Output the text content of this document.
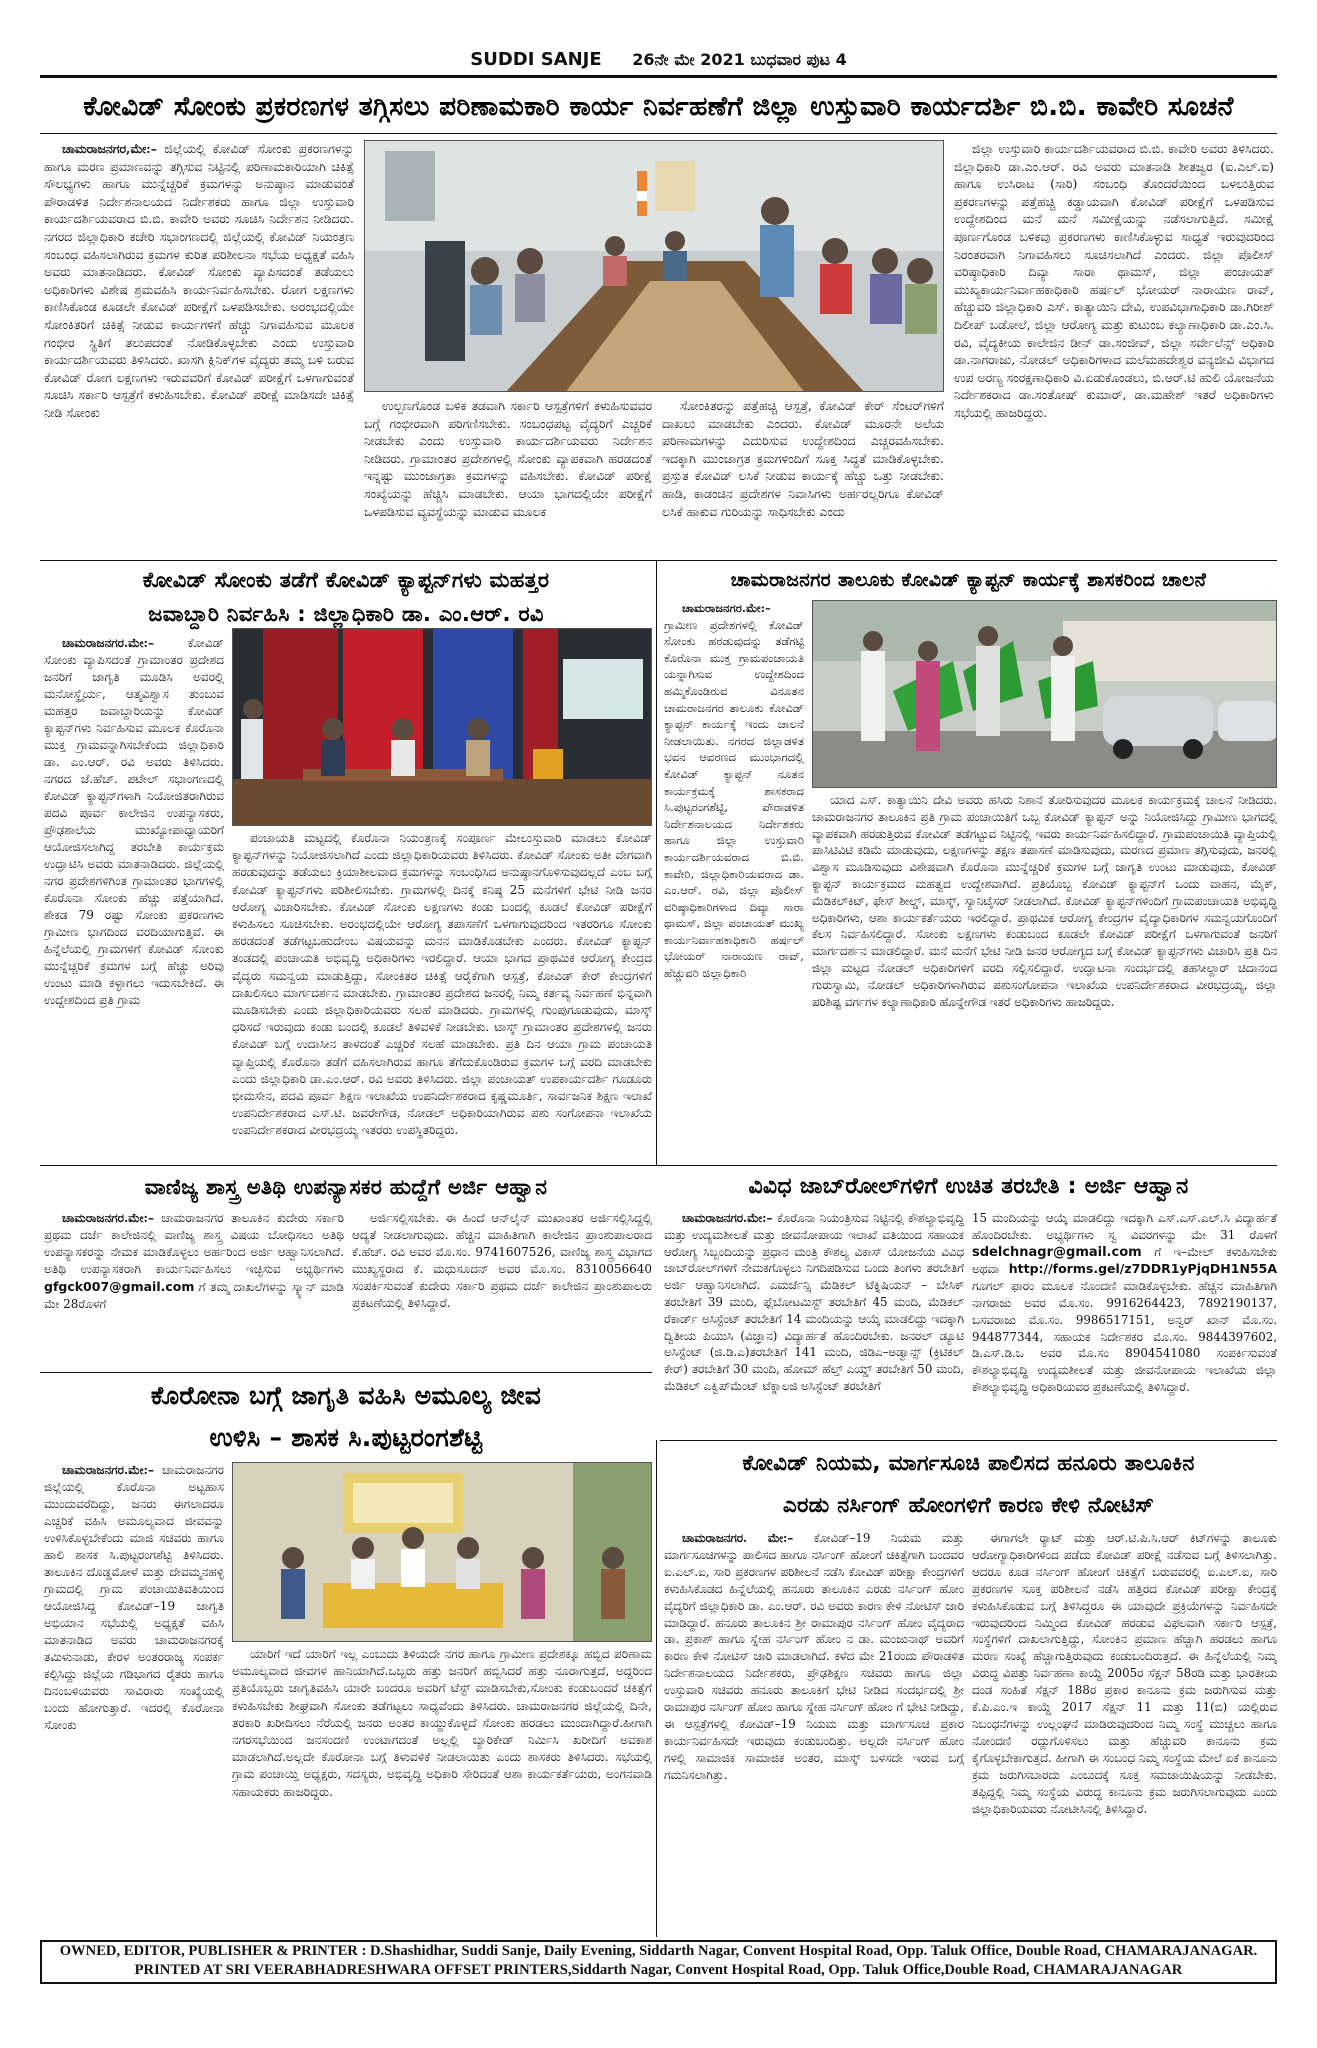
SUDDI SANJE 26ನೇ ಮೇ 2021 ಬುಧವಾರ ಪುಟ 4
ಕೋವಿಡ್ ಸೋಂಕು ಪ್ರಕರಣಗಳ ತಗ್ಗಿಸಲು ಪರಿಣಾಮಕಾರಿ ಕಾರ್ಯ ನಿರ್ವಹಣೆಗೆ ಜಿಲ್ಲಾ ಉಸ್ತುವಾರಿ ಕಾರ್ಯದರ್ಶಿ ಬಿ.ಬಿ. ಕಾವೇರಿ ಸೂಚನೆ

ಚಾಮರಾಜನಗರ,ಮೇ:– ಜಿಲ್ಲೆಯಲ್ಲಿ ಕೋವಿಡ್ ಸೋಂಕು ಪ್ರಕರಣಗಳನ್ನು ಹಾಗೂ ಮರಣ ಪ್ರಮಾಣವನ್ನು ತಗ್ಗಿಸುವ ನಿಟ್ಟಿನಲ್ಲಿ ಪರಿಣಾಮಕಾರಿಯಾಗಿ ಚಿಕಿತ್ಸೆ ಸೌಲಭ್ಯಗಳು ಹಾಗೂ ಮುನ್ನೆಚ್ಚರಿಕೆ ಕ್ರಮಗಳನ್ನು ಅನುಷ್ಠಾನ ಮಾಡುವಂತೆ ಪೌರಾಡಳಿತ ನಿರ್ದೇಶನಾಲಯದ ನಿರ್ದೇಶಕರು ಹಾಗೂ ಜಿಲ್ಲಾ ಉಸ್ತುವಾರಿ ಕಾರ್ಯದರ್ಶಿಯವರಾದ ಬಿ.ಬಿ. ಕಾವೇರಿ ಅವರು ಸೂಚಿಸಿ ನಿರ್ದೇಶನ ನೀಡಿದರು. ನಗರದ ಜಿಲ್ಲಾಧಿಕಾರಿ ಕಚೇರಿ ಸಭಾಂಗಣದಲ್ಲಿ ಜಿಲ್ಲೆಯಲ್ಲಿ ಕೋವಿಡ್ ನಿಯಂತ್ರಣ ಸಂಬಂಧ ವಹಿಸಲಾಗಿರುವ ಕ್ರಮಗಳ ಕುರಿತ ಪರಿಶೀಲನಾ ಸಭೆಯ ಅಧ್ಯಕ್ಷತೆ ವಹಿಸಿ ಅವರು ಮಾತನಾಡಿದರು. ಕೋವಿಡ್ ಸೋಂಕು ವ್ಯಾಪಿಸದಂತೆ ತಡೆಯಲು ಅಧಿಕಾರಿಗಳು ವಿಶೇಷ ಶ್ರಮವಹಿಸಿ ಕಾರ್ಯನಿರ್ವಹಿಸಬೇಕು. ರೋಗ ಲಕ್ಷಣಗಳು ಕಾಣಿಸಿಕೊಂಡ ಕೂಡಲೇ ಕೋವಿಡ್ ಪರೀಕ್ಷೆಗೆ ಒಳಪಡಿಸಬೇಕು. ಅರಂಭದಲ್ಲಿಯೇ ಸೋಂಕಿತರಿಗೆ ಚಿಕಿತ್ಸೆ ನೀಡುವ ಕಾರ್ಯಗಳಿಗೆ ಹೆಚ್ಚು ನಿಗಾವಹಿಸುವ ಮೂಲಕ ಗಂಭೀರ ಸ್ಥಿತಿಗೆ ತಲುಪದಂತೆ ನೋಡಿಕೊಳ್ಳಬೇಕು ಎಂದು ಉಸ್ತುವಾರಿ ಕಾರ್ಯದರ್ಶಿಯವರು ತಿಳಿಸಿದರು. ಖಾಸಗಿ ಕ್ಲಿನಿಕ್‌ಗಳ ವೈದ್ಯರು ತಮ್ಮ ಬಳಿ ಬರುವ ಕೋವಿಡ್ ರೋಗ ಲಕ್ಷಣಗಳು ಇರುವವರಿಗೆ ಕೋವಿಡ್ ಪರೀಕ್ಷೆಗೆ ಒಳಗಾಗುವಂತೆ ಸೂಚಿಸಿ ಸರ್ಕಾರಿ ಆಸ್ಪತ್ರೆಗೆ ಕಳುಹಿಸಬೇಕು. ಕೋವಿಡ್ ಪರೀಕ್ಷೆ ಮಾಡಿಸದೇ ಚಿಕಿತ್ಸೆ ನೀಡಿ ಸೋಂಕು	ಉಲ್ಬಣಗೊಂಡ ಬಳಿಕ ತಡವಾಗಿ ಸರ್ಕಾರಿ ಆಸ್ಪತ್ರೆಗಳಿಗೆ ಕಳುಹಿಸುವವರ ಬಗ್ಗೆ ಗಂಭೀರವಾಗಿ ಪರಿಗಣಿಸಬೇಕು. ಸಂಬಂಧಪಟ್ಟ ವೈದ್ಯರಿಗೆ ಎಚ್ಚರಿಕೆ ನೀಡಬೇಕು ಎಂದು ಉಸ್ತುವಾರಿ ಕಾರ್ಯದರ್ಶಿಯವರು ನಿರ್ದೇಶನ ನೀಡಿದರು. ಗ್ರಾಮಾಂತರ ಪ್ರದೇಶಗಳಲ್ಲಿ ಸೋಂಕು ವ್ಯಾಪಕವಾಗಿ ಹರಡದಂತೆ ಇನ್ನಷ್ಟು ಮುಂಜಾಗ್ರತಾ ಕ್ರಮಗಳನ್ನು ವಹಿಸಬೇಕು. ಕೋವಿಡ್ ಪರೀಕ್ಷೆ ಸಂಖ್ಯೆಯನ್ನು ಹೆಚ್ಚಿಸಿ ಮಾಡಬೇಕು. ಆಯಾ ಭಾಗದಲ್ಲಿಯೇ ಪರೀಕ್ಷೆಗೆ ಒಳಪಡಿಸುವ ವ್ಯವಸ್ಥೆಯನ್ನು ಮಾಡುವ ಮೂಲಕ

ಸೋಂಕಿತರನ್ನು ಪತ್ತೆಹಚ್ಚಿ ಆಸ್ಪತ್ರೆ, ಕೋವಿಡ್ ಕೇರ್ ಸೆಂಟರ್‌ಗಳಿಗೆ ದಾಖಲು ಮಾಡಬೇಕು ಎಂದರು. ಕೋವಿಡ್ ಮೂರನೇ ಅಲೆಯ ಪರಿಣಾಮಗಳನ್ನು ಎದುರಿಸುವ ಉದ್ದೇಶದಿಂದ ಎಚ್ಚರವಹಿಸಬೇಕು. ಇದಕ್ಕಾಗಿ ಮುಂಜಾಗ್ರತ ಕ್ರಮಗಳಿಂದಿಗೆ ಸೂಕ್ತ ಸಿದ್ಧತೆ ಮಾಡಿಕೊಳ್ಳಬೇಕು. ಪ್ರಸ್ತುತ ಕೋವಿಡ್ ಲಸಿಕೆ ನೀಡುವ ಕಾರ್ಯಕ್ಕೆ ಹೆಚ್ಚು ಒತ್ತು ನೀಡಬೇಕು. ಹಾಡಿ, ಕಾಡಂಚಿನ ಪ್ರದೇಶಗಳ ನಿವಾಸಿಗಳು ಅರ್ಹರಲ್ಲರಿಗೂ ಕೋವಿಡ್ ಲಸಿಕೆ ಹಾಕುವ ಗುರಿಯನ್ನು ಸಾಧಿಸಬೇಕು ಎಂದು

ಜಿಲ್ಲಾ ಉಸ್ತುವಾರಿ ಕಾರ್ಯದರ್ಶಿಯವರಾದ ಬಿ.ಬಿ. ಕಾವೇರಿ ಅವರು ತಿಳಿಸಿದರು. ಜಿಲ್ಲಾಧಿಕಾರಿ ಡಾ.ಎಂ.ಆರ್. ರವಿ ಅವರು ಮಾತನಾಡಿ ಶೀತಜ್ವರ (ಐ.ಎಲ್.ಐ) ಹಾಗೂ ಉಸಿರಾಟ (ಸಾರಿ) ಸಂಬಂಧಿ ತೊಂದರೆಯಿಂದ ಬಳಲುತ್ತಿರುವ ಪ್ರಕರಣಗಳನ್ನು ಪತ್ತೆಹಚ್ಚಿ ಕಡ್ಡಾಯವಾಗಿ ಕೋವಿಡ್ ಪರೀಕ್ಷೆಗೆ ಒಳಪಡಿಸುವ ಉದ್ದೇಶದಿಂದ ಮನೆ ಮನೆ ಸಮೀಕ್ಷೆಯನ್ನು ನಡೆಸಲಾಗುತ್ತಿದೆ. ಸಮೀಕ್ಷೆ ಪೂರ್ಣಗೊಂಡ ಬಳಿಕವು ಪ್ರಕರಣಗಳು ಕಾಣಿಸಿಕೊಳ್ಳುವ ಸಾಧ್ಯತೆ ಇರುವುದರಿಂದ ನಿರಂತರವಾಗಿ ನಿಗಾವಹಿಸಲು ಸೂಚಿಸಲಾಗಿದೆ ಎಂದರು. ಜಿಲ್ಲಾ ಪೊಲೀಸ್ ವರಿಷ್ಠಾಧಿಕಾರಿ ದಿವ್ಯಾ ಸಾರಾ ಥಾಮಸ್, ಜಿಲ್ಲಾ ಪಂಚಾಯತ್ ಮುಖ್ಯಕಾರ್ಯನಿರ್ವಾಹಕಾಧಿಕಾರಿ ಹರ್ಷಲ್ ಭೋಯರ್ ನಾರಾಯಣ ರಾವ್, ಹೆಚ್ಚುವರಿ ಜಿಲ್ಲಾಧಿಕಾರಿ ಎಸ್. ಕಾತ್ಯಾಯಿನಿ ದೇವಿ, ಉಪವಿಭಾಗಾಧಿಕಾರಿ ಡಾ.ಗಿರೀಶ್ ದಿಲೀಪ್ ಬಡೋಲೆ, ಜಿಲ್ಲಾ ಆರೋಗ್ಯ ಮತ್ತು ಕುಟುಂಬ ಕಲ್ಯಾಣಾಧಿಕಾರಿ ಡಾ.ಎಂ.ಸಿ. ರವಿ, ವೈದ್ಯಕೀಯ ಕಾಲೇಜಿನ ಡೀನ್ ಡಾ.ಸಂಜೀವ್, ಜಿಲ್ಲಾ ಸರ್ವೇಲೆನ್ಸ್ ಅಧಿಕಾರಿ ಡಾ.ನಾಗರಾಜು, ನೋಡಲ್ ಅಧಿಕಾರಿಗಳಾದ ಮಲೆಮಹದೇಶ್ವರ ವನ್ಯಜೀವಿ ವಿಭಾಗದ ಉಪ ಅರಣ್ಯ ಸಂರಕ್ಷಣಾಧಿಕಾರಿ ವಿ.ಏಡುಕೊಂಡಲು, ಬಿ.ಆರ್.ಟಿ ಹುಲಿ ಯೋಜನೆಯ ನಿರ್ದೇಶಕರಾದ ಡಾ.ಸಂತೋಷ್ ಕುಮಾರ್, ಡಾ.ಮಹೇಶ್ ಇತರೆ ಅಧಿಕಾರಿಗಳು ಸಭೆಯಲ್ಲಿ ಹಾಜರಿದ್ದರು.

ಕೋವಿಡ್ ಸೋಂಕು ತಡೆಗೆ ಕೋವಿಡ್ ಕ್ಯಾಪ್ಟನ್‌ಗಳು ಮಹತ್ತರ
ಜವಾಬ್ದಾರಿ ನಿರ್ವಹಿಸಿ : ಜಿಲ್ಲಾಧಿಕಾರಿ ಡಾ. ಎಂ.ಆರ್. ರವಿ

ಚಾಮರಾಜನಗರ.ಮೇ:–	ಕೋವಿಡ್ ಸೋಂಕು ವ್ಯಾಪಿಸದಂತೆ ಗ್ರಾಮಾಂತರ ಪ್ರದೇಶದ ಜನರಿಗೆ ಜಾಗೃತಿ ಮೂಡಿಸಿ ಅವರಲ್ಲಿ ಮನೋಸ್ಥೈರ್ಯ, ಆತ್ಮವಿಶ್ವಾಸ ತುಂಬುವ ಮಹತ್ತರ ಜವಾಬ್ದಾರಿಯನ್ನು ಕೋವಿಡ್ ಕ್ಯಾಪ್ಟನ್‌ಗಳು ನಿರ್ವಹಿಸುವ ಮೂಲಕ ಕೊರೊನಾ ಮುಕ್ತ ಗ್ರಾಮವನ್ನಾಗಿಸಬೇಕೆಂದು ಜಿಲ್ಲಾಧಿಕಾರಿ ಡಾ. ಎಂ.ಆರ್. ರವಿ ಅವರು ತಿಳಿಸಿದರು. ನಗರದ ಜೆ.ಹೆಚ್. ಪಟೇಲ್ ಸಭಾಂಗಣದಲ್ಲಿ ಕೋವಿಡ್ ಕ್ಯಾಪ್ಟನ್‌ಗಳಾಗಿ ನಿಯೋಜಿತರಾಗಿರುವ ಪದವಿ ಪೂರ್ವ ಕಾಲೇಜಿನ ಉಪನ್ಯಾಸಕರು, ಪ್ರೌಢಶಾಲೆಯ ಮುಖ್ಯೋಪಾಧ್ಯಾಯರಿಗೆ ಆಯೋಜಿಸಲಾಗಿದ್ದ ತರಬೇತಿ ಕಾರ್ಯಕ್ರಮ ಉದ್ಘಾಟಿಸಿ ಅವರು ಮಾತನಾಡಿದರು. ಜಿಲ್ಲೆಯಲ್ಲಿ ನಗರ ಪ್ರದೇಶಗಳಿಗಿಂತ ಗ್ರಾಮಾಂತರ ಭಾಗಗಳಲ್ಲಿ ಕೊರೊನಾ ಸೋಂಕು ಹೆಚ್ಚು ಪತ್ತೆಯಾಗಿದೆ. ಶೇಕಡ 79 ರಷ್ಟು ಸೋಂಕು ಪ್ರಕರಣಗಳು ಗ್ರಾಮೀಣ ಭಾಗದಿಂದ ವರದಿಯಾಗುತ್ತಿವೆ. ಈ ಹಿನ್ನೆಲೆಯಲ್ಲಿ ಗ್ರಾಮಗಳಿಗೆ ಕೋವಿಡ್ ಸೋಂಕು ಮುನ್ನೆಚ್ಚರಿಕೆ ಕ್ರಮಗಳ ಬಗ್ಗೆ ಹೆಚ್ಚು ಅರಿವು ಉಂಟು ಮಾಡಿ ಕಳ್ಳಾಗಲು ಇದುಸಬೇಕಿದೆ. ಈ ಉದ್ದೇಶದಿಂದ ಪ್ರತಿ ಗ್ರಾಮ

ಪಂಚಾಯತಿ ಮಟ್ಟದಲ್ಲಿ ಕೊರೊನಾ ನಿಯಂತ್ರಣಕ್ಕೆ ಸಂಪೂರ್ಣ ಮೇಲುಸ್ತುವಾರಿ ಮಾಡಲು ಕೋವಿಡ್ ಕ್ಯಾಪ್ಟನ್‌ಗಳನ್ನು ನಿಯೋಜಿಸಲಾಗಿದೆ ಎಂದು ಜಿಲ್ಲಾಧಿಕಾರಿಯವರು ತಿಳಿಸಿದರು. ಕೋವಿಡ್ ಸೋಂಕು ಅತೀ ವೇಗವಾಗಿ ಹರಡುವುದನ್ನು ತಡೆಯಲು ಕ್ರಿಯಾಶೀಲವಾದ ಕ್ರಮಗಳನ್ನು ಸಂಬಂಧಿಸಿದ ಅನುಷ್ಠಾನಗೊಳಿಸುವುದಲ್ಲದೆ ಎಂಬ ಬಗ್ಗೆ ಕೋವಿಡ್ ಕ್ಯಾಪ್ಟನ್‌ಗಳು ಪರಿಶೀಲಿಸಬೇಕು. ಗ್ರಾಮಗಳಲ್ಲಿ ದಿನಕ್ಕೆ ಕನಿಷ್ಠ 25 ಮನೆಗಳಿಗೆ ಭೇಟಿ ನೀಡಿ ಜನರ ಆರೋಗ್ಯ ವಿಚಾರಿಸಬೇಕು. ಕೋವಿಡ್ ಸೋಂಕು ಲಕ್ಷಣಗಳು ಕಂಡು ಬಂದಲ್ಲಿ ಕೂಡಲೆ ಕೋವಿಡ್ ಪರೀಕ್ಷೆಗೆ ಕಳುಹಿಸಲು ಸೂಚಿಸಬೇಕು. ಅರಂಭದಲ್ಲಿಯೇ ಆರೋಗ್ಯ ತಪಾಸಣೆಗೆ ಒಳಗಾಗುವುದರಿಂದ ಇತರರಿಗೂ ಸೋಂಕು ಹರಡದಂತೆ ತಡೆಗಟ್ಟಬಹುದೇಂಬ ವಿಷಯವನ್ನು ಮನನ ಮಾಡಿಕೊಡಬೇಕು ಎಂದರು. ಕೋವಿಡ್ ಕ್ಯಾಪ್ಟನ್ ತಂಡದಲ್ಲಿ ಪಂಚಾಯತಿ ಅಭಿವೃದ್ಧಿ ಅಧಿಕಾರಿಗಳು ಇರಲಿದ್ದಾರೆ. ಆಯಾ ಭಾಗದ ಪ್ರಾಥಮಿಕ ಆರೋಗ್ಯ ಕೇಂದ್ರದ ವೈದ್ಯರು ಸಮನ್ವಯ ಮಾಡುತ್ತಿದ್ದು, ಸೋಂಕಿತರ ಚಿಕಿತ್ಸೆ ಆರೈಕೆಗಾಗಿ ಆಸ್ಪತ್ರೆ, ಕೋವಿಡ್ ಕೇರ್ ಕೇಂದ್ರಗಳಿಗೆ ದಾಖಲಿಸಲು ಮಾರ್ಗದರ್ಶನ ಮಾಡಬೇಕು. ಗ್ರಾಮಾಂತರ ಪ್ರದೇಶದ ಜನರಲ್ಲಿ ನಿಮ್ಮ ಕರ್ತವ್ಯ ನಿರ್ವಹಣೆ ಭಿನ್ನವಾಗಿ ಮೂಡಿಸಬೇಕು ಎಂದು ಜಿಲ್ಲಾಧಿಕಾರಿಯವರು ಸಲಹೆ ಮಾಡಿದರು. ಗ್ರಾಮಗಳಲ್ಲಿ ಗುಂಪುಗೂಡುವುದು, ಮಾಸ್ಕ್ ಧರಿಸದೆ ಇರುವುದು ಕಂಡು ಬಂದಲ್ಲಿ ಕೂಡಲೆ ತಿಳಿವಳಿಕೆ ನೀಡಬೇಕು. ಟಾಸ್ಕ್ ಗ್ರಾಮಾಂತರ ಪ್ರದೇಶಗಳಲ್ಲಿ ಜನರು ಕೋವಿಡ್ ಬಗ್ಗೆ ಉದಾಸೀನ ತಾಳದಂತೆ ಎಚ್ಚರಿಕೆ ಸಲಹೆ ಮಾಡಬೇಕು. ಪ್ರತಿ ದಿನ ಆಯಾ ಗ್ರಾಮ ಪಂಚಾಯತಿ ವ್ಯಾಪ್ತಿಯಲ್ಲಿ ಕೊರೊನಾ ತಡೆಗೆ ವಹಿಸಲಾಗಿರುವ ಹಾಗೂ ತೆಗೆದುಕೊಂಡಿರುವ ಕ್ರಮಗಳ ಬಗ್ಗೆ ವರದಿ ಮಾಡಬೇಕು ಎಂದು ಜಿಲ್ಲಾಧಿಕಾರಿ ಡಾ.ಎಂ.ಆರ್. ರವಿ ಅವರು ತಿಳಿಸಿದರು. ಜಿಲ್ಲಾ ಪಂಚಾಯತ್ ಉಪಕಾರ್ಯದರ್ಶಿ ಗೂಡೂರು ಭೀಮಸೇನ, ಪದವಿ ಪೂರ್ವ ಶಿಕ್ಷಣ ಇಲಾಖೆಯ ಉಪನಿರ್ದೇಶಕರಾದ ಕೃಷ್ಣಮೂರ್ತಿ, ಸಾರ್ವಜನಿಕ ಶಿಕ್ಷಣ ಇಲಾಖೆ ಉಪನಿರ್ದೇಶಕರಾದ ಎಸ್.ಟಿ. ಜವರೇಗೌಡ, ನೋಡಲ್ ಅಧಿಕಾರಿಯಾಗಿರುವ ಪಶು ಸಂಗೋಪನಾ ಇಲಾಖೆಯ ಉಪನಿರ್ದೇಶಕರಾದ ವೀರಭದ್ರಯ್ಯ ಇತರರು ಉಪಸ್ಥಿತರಿದ್ದರು.

ಚಾಮರಾಜನಗರ ತಾಲೂಕು ಕೋವಿಡ್ ಕ್ಯಾಪ್ಟನ್ ಕಾರ್ಯಕ್ಕೆ ಶಾಸಕರಿಂದ ಚಾಲನೆ

ಚಾಮರಾಜನಗರ.ಮೇ:– ಗ್ರಾಮೀಣ ಪ್ರದೇಶಗಳಲ್ಲಿ ಕೋವಿಡ್ ಸೋಂಕು ಹರಡುವುದನ್ನು ತಡೆಗಟ್ಟಿ ಕೊರೊನಾ ಮುಕ್ತ ಗ್ರಾಮಪಂಚಾಯತಿ ಯನ್ನಾಗಿಸುವ ಉದ್ದೇಶದಿಂದ ಹಮ್ಮಿಕೊಂಡಿರುವ ವಿನೂತನ ಚಾಮರಾಜನಗರ ತಾಲೂಕು ಕೋವಿಡ್ ಕ್ಯಾಪ್ಟನ್ ಕಾರ್ಯಕ್ಕೆ ಇಂದು ಚಾಲನೆ ನೀಡಲಾಯಿತು. ನಗರದ ಜಿಲ್ಲಾಡಳಿತ ಭವನ ಆವರಣದ ಮುಂಭಾಗದಲ್ಲಿ ಕೋವಿಡ್ ಕ್ಯಾಪ್ಟನ್ ನೂತನ ಕಾರ್ಯಕ್ರಮಕ್ಕೆ ಶಾಸಕರಾದ ಸಿ.ಪುಟ್ಟರಂಗಶೆಟ್ಟಿ, ಪೌರಾಡಳಿತ ನಿರ್ದೇಶನಾಲಯದ ನಿರ್ದೇಶಕರು ಹಾಗೂ ಜಿಲ್ಲಾ ಉಸ್ತುವಾರಿ ಕಾರ್ಯದರ್ಶಿಯವರಾದ ಬಿ.ಬಿ. ಕಾವೇರಿ, ಜಿಲ್ಲಾಧಿಕಾರಿಯವರಾದ ಡಾ. ಎಂ.ಆರ್. ರವಿ, ಜಿಲ್ಲಾ ಪೊಲೀಸ್ ವರಿಷ್ಠಾಧಿಕಾರಿಗಳಾದ ದಿವ್ಯಾ ಸಾರಾ ಥಾಮಸ್, ಜಿಲ್ಲಾ ಪಂಚಾಯತ್ ಮುಖ್ಯ ಕಾರ್ಯನಿರ್ವಾಹಕಾಧಿಕಾರಿ ಹರ್ಷಲ್ ಭೋಯರ್ ನಾರಾಯಣ ರಾವ್, ಹೆಚ್ಚುವರಿ ಜಿಲ್ಲಾಧಿಕಾರಿ

ಯಾದ ಎಸ್. ಕಾತ್ಯಾಯಿನಿ ದೇವಿ ಅವರು ಹಸಿರು ನಿಶಾನೆ ತೋರಿಸುವುದರ ಮೂಲಕ ಕಾರ್ಯಕ್ರಮಕ್ಕೆ ಚಾಲನೆ ನೀಡಿದರು. ಚಾಮರಾಜನಗರ ತಾಲೂಕಿನ ಪ್ರತಿ ಗ್ರಾಮ ಪಂಚಾಯಿತಿಗೆ ಒಬ್ಬ ಕೋವಿಡ್ ಕ್ಯಾಪ್ಟನ್ ಅನ್ನು ನಿಯೋಜಿಸಿದ್ದು ಗ್ರಾಮೀಣ ಭಾಗದಲ್ಲಿ ವ್ಯಾಪಕವಾಗಿ ಹರಡುತ್ತಿರುವ ಕೋವಿಡ್ ತಡೆಗಟ್ಟುವ ನಿಟ್ಟಿನಲ್ಲಿ ಇವರು ಕಾರ್ಯನಿರ್ವಹಿಸಲಿದ್ದಾರೆ. ಗ್ರಾಮಪಂಚಾಯಿತಿ ವ್ಯಾಪ್ತಿಯಲ್ಲಿ ಪಾಸಿಟಿವಿಟಿ ಕಡಿಮೆ ಮಾಡುವುದು, ಲಕ್ಷಣಗಳನ್ನು ತಕ್ಷಣ ತಪಾಸಣೆ ಮಾಡಿಸುವುದು, ಮರಣದ ಪ್ರಮಾಣ ತಗ್ಗಿಸುವುದು, ಜನರಲ್ಲಿ ವಿಶ್ವಾಸ ಮೂಡಿಸುವುದು ವಿಶೇಷವಾಗಿ ಕೊರೊನಾ ಮುನ್ನೆಚ್ಚರಿಕೆ ಕ್ರಮಗಳ ಬಗ್ಗೆ ಜಾಗೃತಿ ಉಂಟು ಮಾಡುವುದು, ಕೋವಿಡ್ ಕ್ಯಾಪ್ಟನ್ ಕಾರ್ಯಕ್ರಮದ ಮಹತ್ವದ ಉದ್ದೇಶವಾಗಿದೆ. ಪ್ರತಿಯೊಬ್ಬ ಕೋವಿಡ್ ಕ್ಯಾಪ್ಟನ್‌ಗೆ ಒಂದು ವಾಹನ, ಮೈಕ್, ಮೆಡಿಕಲ್‌ಕಿಟ್, ಫೇಸ್ ಶೀಲ್ಡ್, ಮಾಸ್ಕ್, ಸ್ಯಾನಿಟೈಸರ್ ನೀಡಲಾಗಿದೆ. ಕೋವಿಡ್ ಕ್ಯಾಪ್ಟನ್‌ಗಳಿಂದಿಗೆ ಗ್ರಾಮಪಂಚಾಯತಿ ಅಭಿವೃದ್ಧಿ ಅಧಿಕಾರಿಗಳು, ಆಶಾ ಕಾರ್ಯಕರ್ತೆಯರು ಇರಲಿದ್ದಾರೆ. ಪ್ರಾಥಮಿಕ ಆರೋಗ್ಯ ಕೇಂದ್ರಗಳ ವೈದ್ಯಾಧಿಕಾರಿಗಳ ಸಮನ್ವಯಗೊಂದಿಗೆ ಕೆಲಸ ನಿರ್ವಹಿಸಲಿದ್ದಾರೆ. ಸೋಂಕು ಲಕ್ಷಣಗಳು ಕಂಡುಬಂದ ಕೂಡಲೇ ಕೋವಿಡ್ ಪರೀಕ್ಷೆಗೆ ಒಳಗಾಗುವಂತೆ ಜನರಿಗೆ ಮಾರ್ಗದರ್ಶನ ಮಾಡಲಿದ್ದಾರೆ. ಮನೆ ಮನೆಗೆ ಭೇಟಿ ನೀಡಿ ಜನರ ಆರೋಗ್ಯದ ಬಗ್ಗೆ ಕೋವಿಡ್ ಕ್ಯಾಪ್ಟನ್‌ಗಳು ವಿಚಾರಿಸಿ ಪ್ರತಿ ದಿನ ಜಿಲ್ಲಾ ಮಟ್ಟದ ನೋಡಲ್ ಅಧಿಕಾರಿಗಳಿಗೆ ವರದಿ ಸಲ್ಲಿಸಲಿದ್ದಾರೆ. ಉದ್ಘಾಟನಾ ಸಂದರ್ಭದಲ್ಲಿ ತಹಸೀಲ್ದಾರ್ ಚಿದಾನಂದ ಗುರುಸ್ವಾಮಿ, ನೋಡಲ್ ಅಧಿಕಾರಿಗಳಾಗಿರುವ ಪಶುಸಂಗೋಪನಾ ಇಲಾಖೆಯ ಉಪನಿರ್ದೇಶಕರಾದ ವೀರಭದ್ರಯ್ಯ, ಜಿಲ್ಲಾ ಪರಿಶಿಷ್ಟ ವರ್ಗಗಳ ಕಲ್ಯಾಣಾಧಿಕಾರಿ ಹೊನ್ನೇಗೌಡ ಇತರೆ ಅಧಿಕಾರಿಗಳು ಹಾಜರಿದ್ದರು.

ವಾಣಿಜ್ಯ ಶಾಸ್ತ್ರ ಅತಿಥಿ ಉಪನ್ಯಾಸಕರ ಹುದ್ದೆಗೆ ಅರ್ಜಿ ಆಹ್ವಾನ

ಚಾಮರಾಜನಗರ.ಮೇ:– ಚಾಮರಾಜನಗರ ತಾಲೂಕಿನ ಕುದೇರು ಸರ್ಕಾರಿ ಪ್ರಥಮ ದರ್ಜೆ ಕಾಲೇಜಿನಲ್ಲಿ ವಾಣಿಜ್ಯ ಶಾಸ್ತ್ರ ವಿಷಯ ಬೋಧಿಸಲು ಅತಿಥಿ ಉಪನ್ಯಾಸಕರನ್ನು ನೇಮಕ ಮಾಡಿಕೊಳ್ಳಲು ಅರ್ಹರಿಂದ ಅರ್ಜಿ ಆಹ್ವಾನಿಸಲಾಗಿದೆ. ಅತಿಥಿ ಉಪನ್ಯಾಸಕರಾಗಿ ಕಾರ್ಯನಿರ್ವಹಿಸಲು ಇಚ್ಛಿಸುವ ಅಭ್ಯರ್ಥಿಗಳು gfgck007@gmail.com ಗೆ ತಮ್ಮ ದಾಖಲೆಗಳನ್ನು ಸ್ಕ್ಯಾನ್ ಮಾಡಿ ಮೇ 28ರೊಳಗೆ

ಅರ್ಜಿಸಲ್ಲಿಸಬೇಕು. ಈ ಹಿಂದೆ ಆನ್‌ಲೈನ್ ಮುಖಾಂತರ ಅರ್ಜಿಸಲ್ಲಿಸಿದ್ದಲ್ಲಿ ಆದ್ಯತೆ ನೀಡಲಾಗುವುದು. ಹೆಚ್ಚಿನ ಮಾಹಿತಿಗಾಗಿ ಕಾಲೇಜಿನ ಪ್ರಾಂಶುಪಾಲರಾದ ಕೆ.ಹೆಚ್. ರವಿ ಅವರ ಮೊ.ಸಂ. 9741607526, ವಾಣಿಜ್ಯ ಶಾಸ್ತ್ರ ವಿಭಾಗದ ಮುಖ್ಯಸ್ಥರಾದ ಕೆ. ಮಧುಸೂದನ್ ಅವರ ಮೊ.ಸಂ. 8310056640 ಸಂಪರ್ಕಿಸುವಂತೆ ಕುದೇರು ಸರ್ಕಾರಿ ಪ್ರಥಮ ದರ್ಜೆ ಕಾಲೇಜಿನ ಪ್ರಾಂಶುಪಾಲರು ಪ್ರಕಟಣೆಯಲ್ಲಿ ತಿಳಿಸಿದ್ದಾರೆ.

ವಿವಿಧ ಜಾಬ್‌ರೋಲ್‌ಗಳಿಗೆ ಉಚಿತ ತರಬೇತಿ : ಅರ್ಜಿ ಆಹ್ವಾನ

ಚಾಮರಾಜನಗರ.ಮೇ:– ಕೊರೊನಾ ನಿಯಂತ್ರಿಸುವ ನಿಟ್ಟಿನಲ್ಲಿ ಕೌಶಲ್ಯಾಭಿವೃದ್ಧಿ ಮತ್ತು ಉದ್ಯಮಶೀಲತೆ ಮತ್ತು ಜೀವನೋಪಾಯ ಇಲಾಖೆ ವತಿಯಿಂದ ಸಹಾಯಕ ಆರೋಗ್ಯ ಸಿಬ್ಬಂದಿಯನ್ನು ಪ್ರಧಾನ ಮಂತ್ರಿ ಕೌಶಲ್ಯ ವಿಕಾಸ್ ಯೋಜನೆಯ ವಿವಿಧ ಜಾಬ್‌ರೋಲ್‌ಗಳಿಗೆ ನೇಮಕಗೊಳ್ಳಲು ನಿಗದಿಪಡಿಸುವ ಒಂದು ತಿಂಗಳು ತರಬೇತಿಗೆ ಅರ್ಜಿ ಆಹ್ವಾನಿಸಲಾಗಿದೆ. ಎಮರ್ಜೆನ್ಸಿ ಮೆಡಿಕಲ್ ಟೆಕ್ನಿಷಿಯನ್ – ಬೇಸಿಕ್ ತರಬೇತಿಗೆ 39 ಮಂದಿ, ಫ್ಲೆಬೋಟಮಿಸ್ಟ್ ತರಬೇತಿಗೆ 45 ಮಂದಿ, ಮೆಡಿಕಲ್ ರೆಕಾರ್ಡ್ ಅಸಿಸ್ಟೆಂಟ್ ತರಬೇತಿಗೆ 14 ಮಂದಿಯನ್ನು ಆಯ್ಕೆ ಮಾಡಲಿದ್ದು ಇದಕ್ಕಾಗಿ ದ್ವಿತೀಯ ಪಿಯುಸಿ (ವಿಜ್ಞಾನ) ವಿದ್ಯಾರ್ಹತೆ ಹೊಂದಿರಬೇಕು. ಜನರಲ್ ಡ್ಯೂಟಿ ಅಸಿಸ್ಟೆಂಟ್ (ಜಿ.ಡಿ.ಎ)ತರಬೇತಿಗೆ 141 ಮಂದಿ, ಜಿಡಿಎ–ಅಡ್ವಾನ್ಸ್ (ಕ್ರಿಟಿಕಲ್ ಕೇರ್) ತರಬೇತಿಗೆ 30 ಮಂದಿ, ಹೋಮ್ ಹೆಲ್ತ್ ಎಯ್ಡ್ ತರಬೇತಿಗೆ 50 ಮಂದಿ, ಮೆಡಿಕಲ್ ಎಕ್ವಿಪ್‌ಮೆಂಟ್ ಟೆಕ್ನಾಲಜಿ ಅಸಿಸ್ಟೆಂಟ್ ತರಬೇತಿಗೆ

15 ಮಂದಿಯನ್ನು ಆಯ್ಕೆ ಮಾಡಲಿದ್ದು ಇದಕ್ಕಾಗಿ ಎಸ್.ಎಸ್.ಎಲ್.ಸಿ ವಿದ್ಯಾರ್ಹತೆ ಹೊಂದಿರಬೇಕು. ಅಭ್ಯರ್ಥಿಗಳು ಸ್ವ ವಿವರಗಳನ್ನು ಮೇ 31 ರೊಳಗೆ sdelchnagr@gmail.com ಗೆ ಇ–ಮೇಲ್ ಕಳುಹಿಸಬೇಕು ಅಥವಾ http://forms.gel/z7DDR1yPjqDH1N55A ಗೂಗಲ್ ಫಾರಂ ಮೂಲಕ ನೊಂದಣಿ ಮಾಡಿಕೊಳ್ಳಬೇಕು. ಹೆಚ್ಚಿನ ಮಾಹಿತಿಗಾಗಿ ನಾಗರಾಜು ಅವರ ಮೊ.ಸಂ. 9916264423, 7892190137, ಬಸವರಾಜು ಮೊ.ಸಂ. 9986517151, ಅನ್ವರ್ ಖಾನ್ ಮೊ.ಸಂ. 944877344, ಸಹಾಯಕ ನಿರ್ದೇಶಕರ ಮೊ.ಸಂ. 9844397602, ಡಿ.ಎಸ್.ಡಿ.ಒ ಅವರ ಮೊ.ಸಂ 8904541080 ಸಂಪರ್ಕಿಸುವಂತೆ ಕೌಶಲ್ಯಾಭಿವೃದ್ಧಿ ಉದ್ಯಮಶೀಲತೆ ಮತ್ತು ಜೀವನೋಪಾಯ ಇಲಾಖೆಯ ಜಿಲ್ಲಾ ಕೌಶಲ್ಯಾಭಿವೃದ್ಧಿ ಅಧಿಕಾರಿಯವರ ಪ್ರಕಟಣೆಯಲ್ಲಿ ತಿಳಿಸಿದ್ದಾರೆ.

ಕೊರೋನಾ ಬಗ್ಗೆ ಜಾಗೃತಿ ವಹಿಸಿ ಅಮೂಲ್ಯ ಜೀವ
ಉಳಿಸಿ – ಶಾಸಕ ಸಿ.ಪುಟ್ಟರಂಗಶೆಟ್ಟಿ

ಚಾಮರಾಜನಗರ.ಮೇ:– ಚಾಮರಾಜನಗರ ಜಿಲ್ಲೆಯಲ್ಲಿ ಕೊರೊನಾ ಅಟ್ಟಹಾಸ ಮುಂದುವರೆದಿದ್ದು, ಜನರು ಈಗಲಾದರೂ ಎಚ್ಚರಿಕೆ ವಹಿಸಿ ಅಮೂಲ್ಯವಾದ ಜೀವವನ್ನು ಉಳಿಸಿಕೊಳ್ಳಬೇಕೆಂದು ಮಾಜಿ ಸಚಿವರು ಹಾಗೂ ಹಾಲಿ ಶಾಸಕ ಸಿ.ಪುಟ್ಟರಂಗಶೆಟ್ಟಿ ತಿಳಿಸಿದರು. ತಾಲೂಕಿನ ದೊಡ್ಡಮೋಳೆ ಮತ್ತು ದೇವಮ್ಮನಹಳ್ಳಿ ಗ್ರಾಮದಲ್ಲಿ ಗ್ರಾಮ ಪಂಚಾಯಿತಿವತಿಯಿಂದ ಆಯೋಜಿಸಿದ್ದ ಕೋವಿಡ್–19 ಜಾಗೃತಿ ಅಭಿಯಾನ ಸಭೆಯಲ್ಲಿ ಅಧ್ಯಕ್ಷತೆ ವಹಿಸಿ ಮಾತನಾಡಿದ ಅವರು ಚಾಮರಾಜನಗರಕ್ಕೆ ತಮಿಳುನಾಡು, ಕೇರಳ ಅಂತರರಾಜ್ಯ ಸಂಪರ್ಕ ಕಲ್ಪಿಸಿದ್ದು ಜಿಲ್ಲೆಯ ಗಡಿಭಾಗದ ರೈತರು ಹಾಗೂ ದಿನಂಬಳಿಯವರು ಸಾವಿರಾರು ಸಂಖ್ಯೆಯಲ್ಲಿ ಬಂದು ಹೋಗುತ್ತಾರೆ. ಇದರಲ್ಲಿ ಕೊರೋನಾ ಸೋಂಕು

ಯಾರಿಗೆ ಇದೆ ಯಾರಿಗೆ ಇಲ್ಲ ಎಂಬುದು ತಿಳಿಯದೇ ನಗರ ಹಾಗೂ ಗ್ರಾಮೀಣ ಪ್ರದೇಶಕ್ಕೂ ಹಬ್ಬಿದ ಪರಿಣಾಮ ಅಮೂಲ್ಯವಾದ ಜೀವಗಳ ಹಾನಿಯಾಗಿದೆ.ಒಬ್ಬರು ಹತ್ತು ಜನರಿಗೆ ಹಬ್ಬಿಸಿದರೆ ಹತ್ತು ನೂರಾಗುತ್ತದೆ, ಅದ್ದರಿಂದ ಪ್ರತಿಯೊಬ್ಬರು ಜಾಗೃತಿವಹಿಸಿ ಯಾರೇ ಬಂದರೂ ಅವರಿಗೆ ಟೆಸ್ಟ್ ಮಾಡಿಸಬೇಕು,ಸೋಂಕು ಕಂಡುಬಂದರೆ ಚಿಕಿತ್ಸೆಗೆ ಕಳುಹಿಸಬೇಕು ಶೀಘ್ರವಾಗಿ ಸೋಂಕು ತಡೆಗಟ್ಟಲು ಸಾಧ್ಯವೆಂದು ತಿಳಿಸಿದರು. ಚಾಮರಾಜನಗರ ಜಿಲ್ಲೆಯಲ್ಲಿ ದಿನೇ, ತರಕಾರಿ ಖರೀದಿಸಲು ನೆರೆಯಲ್ಲಿ ಜನರು ಅಂತರ ಕಾಯ್ದುಕೊಳ್ಳದೆ ಸೋಂಕು ಹರಡಲು ಮುಂದಾಗಿದ್ದಾರೆ.ಹೀಗಾಗಿ ನಗರಸಭೆಯಿಂದ ಜನಸಂದಣಿ ಉಂಟಾಗದಂತೆ ಅಲ್ಲಲ್ಲಿ ಬ್ಯಾರಿಕೇಡ್ ನಿರ್ಮಿಸಿ ಖರೀದಿಗೆ ಅವಕಾಶ ಮಾಡಲಾಗಿದೆ.ಅಲ್ಲದೇ ಕೊರೋನಾ ಬಗ್ಗೆ ತಿಳುವಳಿಕೆ ನೀಡಲಾಯಿತು ಎಂದು ಶಾಸಕರು ತಿಳಿಸಿದರು. ಸಭೆಯಲ್ಲಿ ಗ್ರಾಮ ಪಂಚಾಯ್ತಿ ಅಧ್ಯಕ್ಷರು, ಸದಸ್ಯರು, ಅಭಿವೃದ್ಧಿ ಅಧಿಕಾರಿ ಸೇರಿದಂತೆ ಆಶಾ ಕಾರ್ಯಕರ್ತೆಯರು, ಅಂಗನವಾಡಿ ಸಹಾಯಕರು ಹಾಜರಿದ್ದರು.

ಕೋವಿಡ್ ನಿಯಮ, ಮಾರ್ಗಸೂಚಿ ಪಾಲಿಸದ ಹನೂರು ತಾಲೂಕಿನ
ಎರಡು ನರ್ಸಿಂಗ್ ಹೋಂಗಳಿಗೆ ಕಾರಣ ಕೇಳಿ ನೋಟಿಸ್

ಚಾಮರಾಜನಗರ. ಮೇ:– ಕೋವಿಡ್–19 ನಿಯಮ ಮತ್ತು ಮಾರ್ಗಸೂಚಿಗಳನ್ನು ಪಾಲಿಸದ ಹಾಗೂ ನರ್ಸಿಂಗ್ ಹೋಂಗೆ ಚಿಕಿತ್ಸೆಗಾಗಿ ಬಂದವರ ಐ.ಎಲ್.ಐ, ಸಾರಿ ಪ್ರಕರಣಗಳ ಪರಿಶೀಲನೆ ನಡೆಸಿ ಕೋವಿಡ್ ಪರೀಕ್ಷಾ ಕೇಂದ್ರಗಳಿಗೆ ಕಳುಹಿಸಿಕೊಡದ ಹಿನ್ನೆಲೆಯಲ್ಲಿ ಹನೂರು ತಾಲೂಕಿನ ಎರಡು ನರ್ಸಿಂಗ್ ಹೋಂ ವೈದ್ಯರಿಗೆ ಜಿಲ್ಲಾಧಿಕಾರಿ ಡಾ. ಎಂ.ಆರ್. ರವಿ ಅವರು ಕಾರಣ ಕೇಳಿ ನೋಟಿಸ್ ಜಾರಿ ಮಾಡಿದ್ದಾರೆ. ಹನೂರು ತಾಲೂಕಿನ ಶ್ರೀ ರಾಮಾಪುರ ನರ್ಸಿಂಗ್ ಹೋಂ ವೈದ್ಯರಾದ ಡಾ. ಪ್ರಕಾಶ್ ಹಾಗೂ ಸ್ನೇಹ ನರ್ಸಿಂಗ್ ಹೋಂ ನ ಡಾ. ಮಂಜುನಾಥ್ ಅವರಿಗೆ ಕಾರಣ ಕೇಳಿ ನೋಟಿಸ್ ಜಾರಿ ಮಾಡಲಾಗಿದೆ. ಕಳೆದ ಮೇ 21ರಂದು ಪೌರಾಡಳಿತ ನಿರ್ದೇಶನಾಲಯದ ನಿರ್ದೇಶಕರು, ಪ್ರೌಢಶಿಕ್ಷಣ ಸಚಿವರು ಹಾಗೂ ಜಿಲ್ಲಾ ಉಸ್ತುವಾರಿ ಸಚಿವರು ಹನೂರು ತಾಲೂಕಿಗೆ ಭೇಟಿ ನೀಡಿದ ಸಂದರ್ಭದಲ್ಲಿ ಶ್ರೀ ರಾಮಾಪುರ ನರ್ಸಿಂಗ್ ಹೋಂ ಹಾಗೂ ಸ್ನೇಹ ನರ್ಸಿಂಗ್ ಹೋಂ ಗೆ ಭೇಟಿ ನೀಡಿದ್ದು, ಈ ಆಸ್ಪತ್ರೆಗಳಲ್ಲಿ ಕೋವಿಡ್–19 ನಿಯಮ ಮತ್ತು ಮಾರ್ಗಸೂಚಿ ಪ್ರಕಾರ ಕಾರ್ಯನಿರ್ವಹಿಸದೇ ಇರುವುದು ಕಂಡುಬಂದಿತ್ತು. ಅಲ್ಲದೇ ನರ್ಸಿಂಗ್ ಹೋಂ ಗಳಲ್ಲಿ ಸಾಮಾಜಿಕ ಸಾಮಾಜಿಕ ಅಂತರ, ಮಾಸ್ಕ್ ಬಳಸದೇ ಇರುವ ಬಗ್ಗೆ ಗಮನಿಸಲಾಗಿತ್ತು.

ಈಗಾಗಲೇ ರ್‍ಯಾಟ್ ಮತ್ತು ಆರ್.ಟಿ.ಪಿ.ಸಿ.ಆರ್ ಕಿಟ್‌ಗಳನ್ನು ತಾಲೂಕು ಆರೋಗ್ಯಾಧಿಕಾರಿಗಳಿಂದ ಪಡೆದು ಕೋವಿಡ್ ಪರೀಕ್ಷೆ ನಡೆಸುವ ಬಗ್ಗೆ ತಿಳಿಸಲಾಗಿತ್ತು. ಆದರೂ ಕೂಡ ನರ್ಸಿಂಗ್ ಹೋಂಗೆ ಚಿಕಿತ್ಸೆಗೆ ಬರುವವರಲ್ಲಿ ಐ.ಎಲ್.ಐ, ಸಾರಿ ಪ್ರಕರಣಗಳ ಸೂಕ್ತ ಪರಿಶೀಲನೆ ನಡೆಸಿ ಹತ್ತಿರದ ಕೋವಿಡ್ ಪರೀಕ್ಷಾ ಕೇಂದ್ರಕ್ಕೆ ಕಳುಹಿಸಿಕೊಡುವ ಬಗ್ಗೆ ತಿಳಿಸಿದ್ದರೂ ಈ ಯಾವುದೇ ಪ್ರಕ್ರಿಯೆಗಳನ್ನು ನಿರ್ವಹಿಸದೇ ಇರುವುದರಿಂದ ನಿಮ್ಮಿಂದ ಕೋವಿಡ್ ಹರಡುವ ವಿಫಲವಾಗಿ ಸರ್ಕಾರಿ ಆಸ್ಪತ್ರೆ, ಸಂಸ್ಥೆಗಳಿಗೆ ದಾಖಲಾಗುತ್ತಿದ್ದು, ಸೋಂಕಿನ ಪ್ರಮಾಣ ಹೆಚ್ಚಾಗಿ ಹರಡಲು ಹಾಗೂ ಮರಣ ಸಂಖ್ಯೆ ಹೆಚ್ಚಾಗುತ್ತಿರುವುದು ಕಂಡುಬಂದಿರುತ್ತದೆ. ಈ ಹಿನ್ನೆಲೆಯಲ್ಲಿ ನಿಮ್ಮ ವಿರುದ್ಧ ವಿಪತ್ತು ನಿರ್ವಹಣಾ ಕಾಯ್ದೆ 2005ರ ಸೆಕ್ಷನ್ 58ರಡಿ ಮತ್ತು ಭಾರತೀಯ ದಂಡ ಸಂಹಿತೆ ಸೆಕ್ಷನ್ 188ರ ಪ್ರಕಾರ ಕಾನೂನು ಕ್ರಮ ಜರುಗಿಸುವ ಮತ್ತು ಕೆ.ಪಿ.ಎಂ.ಇ ಕಾಯ್ದೆ 2017 ಸೆಕ್ಷನ್ 11 ಮತ್ತು 11(ಬಿ) ಯಲ್ಲಿರುವ ನಿಬಂಧನೆಗಳನ್ನು ಉಲ್ಲಂಘನೆ ಮಾಡಿರುವುದರಿಂದ ನಿಮ್ಮ ಸಂಸ್ಥೆ ಮುಚ್ಚಲು ಹಾಗೂ ನೋಂದಣಿ ರದ್ದುಗೊಳಿಸಲು ಮತ್ತು ಹೆಚ್ಚುವರಿ ಕಾನೂನು ಕ್ರಮ ಕೈಗೊಳ್ಳಬೇಕಾಗುತ್ತದೆ. ಹೀಗಾಗಿ ಈ ಸಂಬಂಧ ನಿಮ್ಮ ಸಂಸ್ಥೆಯ ಮೇಲೆ ಏಕೆ ಕಾನೂನು ಕ್ರಮ ಜರುಗಿಸಬಾರದು ಎಂಬುದಕ್ಕೆ ಸೂಕ್ತ ಸಮಜಾಯಿಷಿಯನ್ನು ನೀಡಬೇಕು. ತಪ್ಪಿದ್ದಲ್ಲಿ ನಿಮ್ಮ ಸಂಸ್ಥೆಯ ವಿರುದ್ಧ ಕಾನೂನು ಕ್ರಮ ಜರುಗಿಸಲಾಗುವುದು ಎಂದು ಜಿಲ್ಲಾಧಿಕಾರಿಯವರು ನೋಟೀಸಿನಲ್ಲಿ ತಿಳಿಸಿದ್ದಾರೆ.

OWNED, EDITOR, PUBLISHER & PRINTER : D.Shashidhar, Suddi Sanje, Daily Evening, Siddarth Nagar, Convent Hospital Road, Opp. Taluk Office, Double Road, CHAMARAJANAGAR.
PRINTED AT SRI VEERABHADRESHWARA OFFSET PRINTERS,Siddarth Nagar, Convent Hospital Road, Opp. Taluk Office,Double Road, CHAMARAJANAGAR
